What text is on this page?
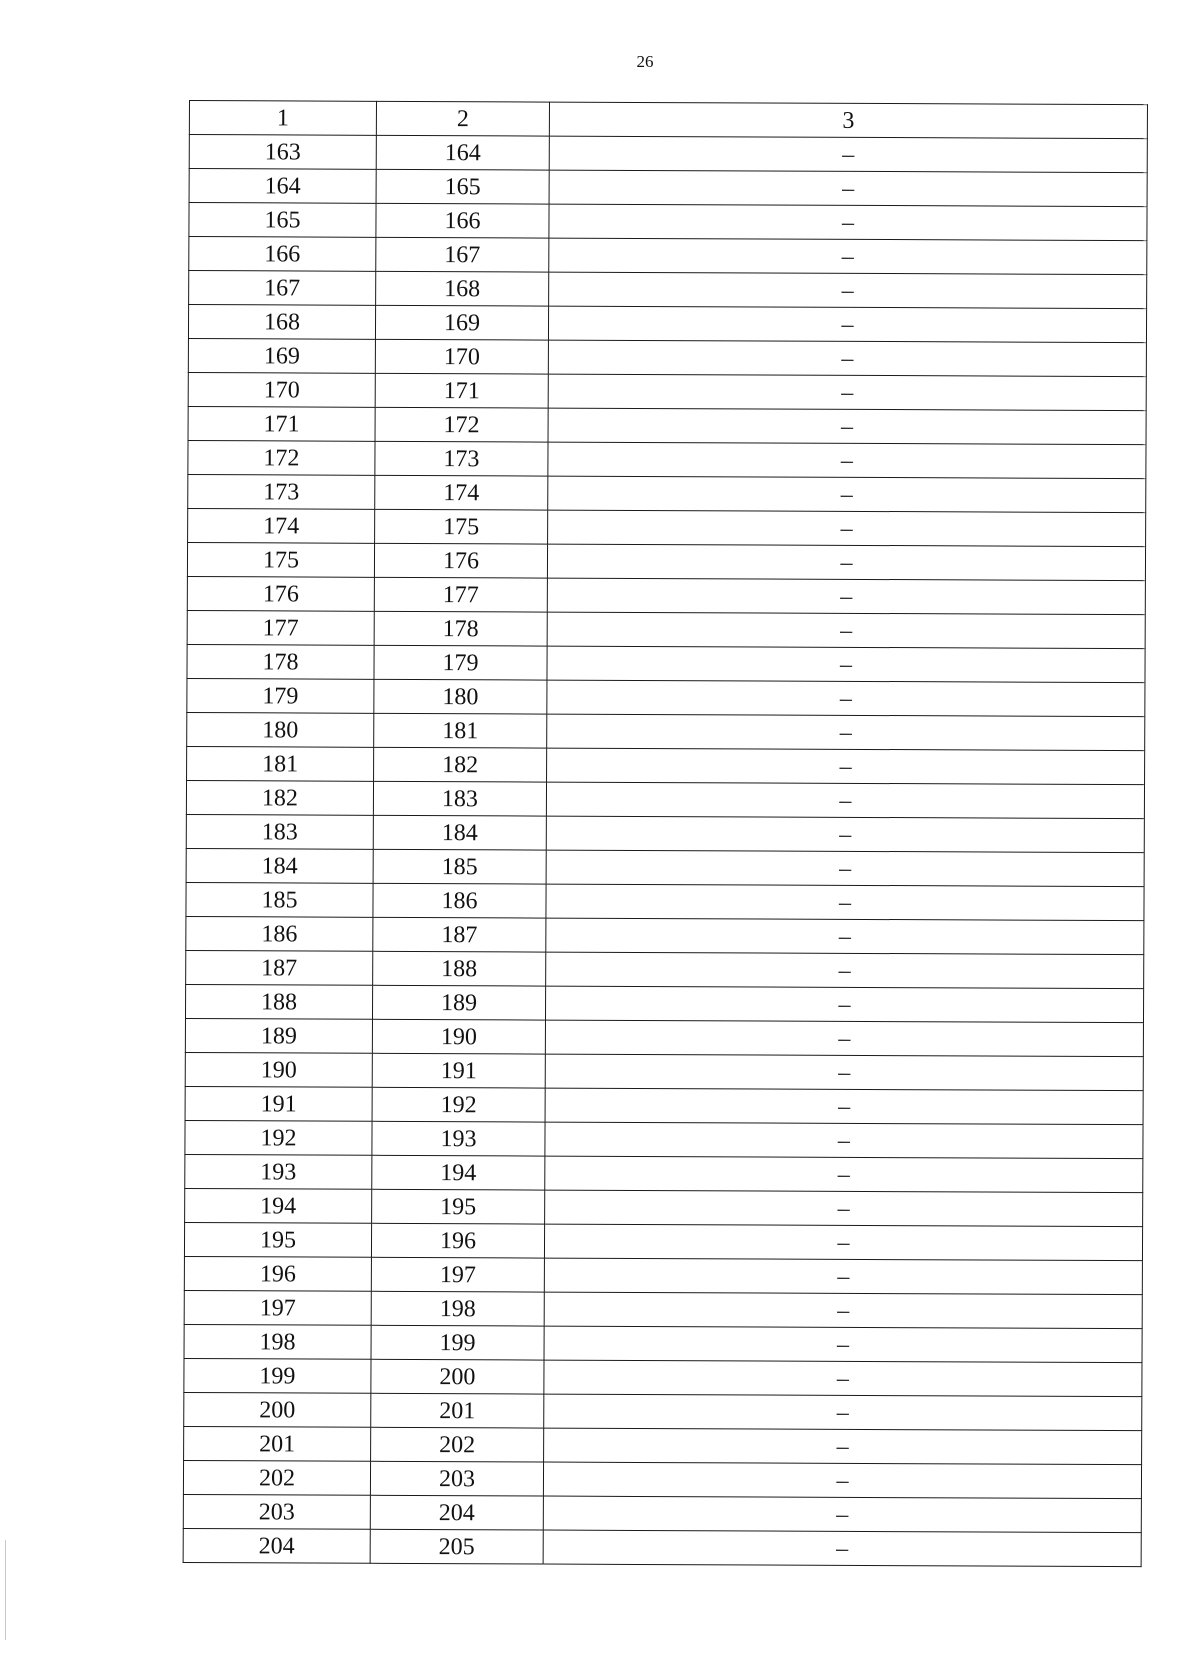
26
1	2	3
163	164	–
164	165	–
165	166	–
166	167	–
167	168	–
168	169	–
169	170	–
170	171	–
171	172	–
172	173	–
173	174	–
174	175	–
175	176	–
176	177	–
177	178	–
178	179	–
179	180	–
180	181	–
181	182	–
182	183	–
183	184	–
184	185	–
185	186	–
186	187	–
187	188	–
188	189	–
189	190	–
190	191	–
191	192	–
192	193	–
193	194	–
194	195	–
195	196	–
196	197	–
197	198	–
198	199	–
199	200	–
200	201	–
201	202	–
202	203	–
203	204	–
204	205	–
